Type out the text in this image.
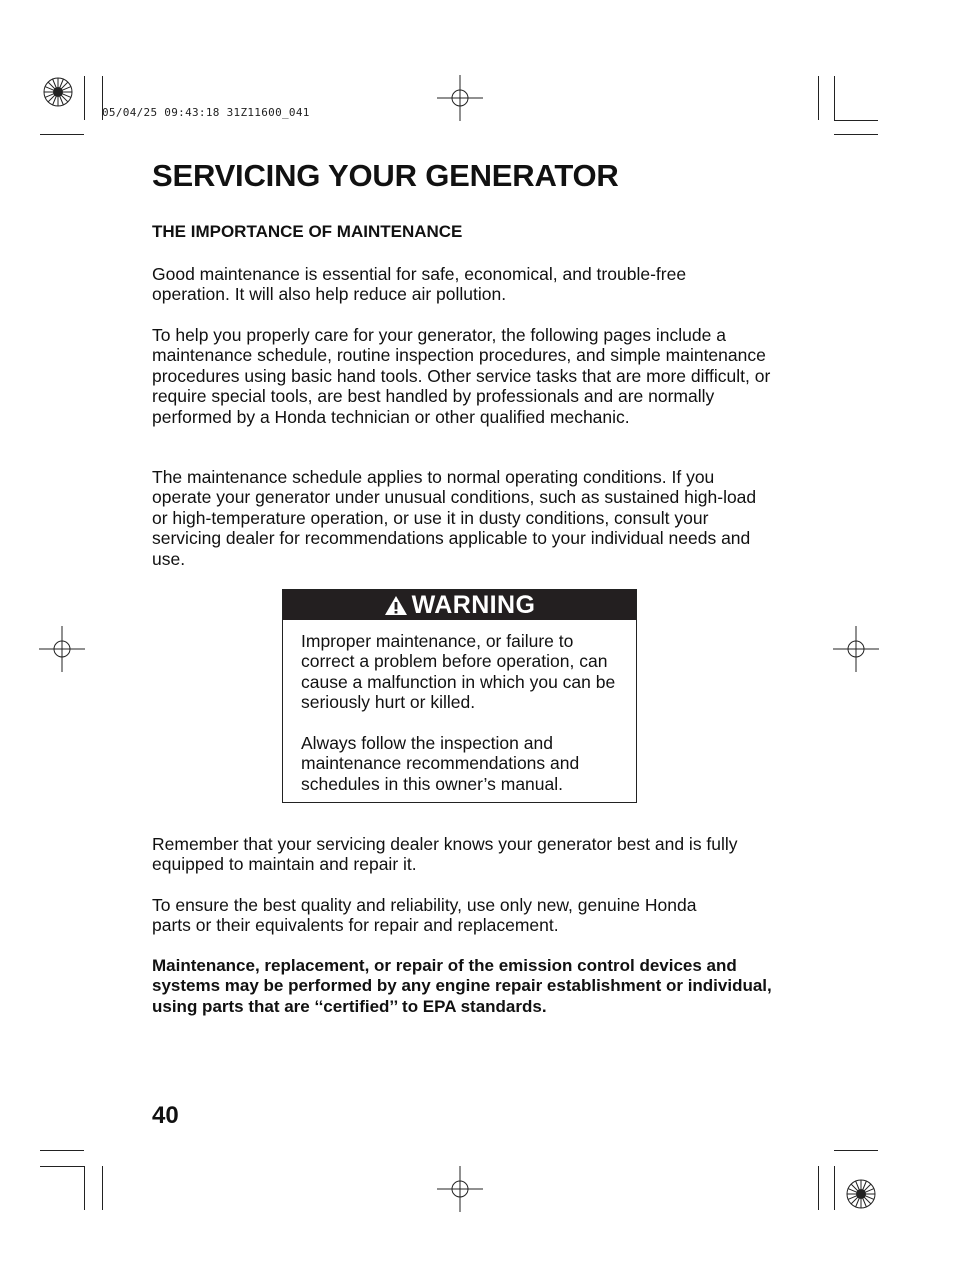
05/04/25 09:43:18 31Z11600_041
SERVICING YOUR GENERATOR
THE IMPORTANCE OF MAINTENANCE

Good maintenance is essential for safe, economical, and trouble-free operation. It will also help reduce air pollution.

To help you properly care for your generator, the following pages include a maintenance schedule, routine inspection procedures, and simple maintenance procedures using basic hand tools. Other service tasks that are more difficult, or require special tools, are best handled by professionals and are normally performed by a Honda technician or other qualified mechanic.

The maintenance schedule applies to normal operating conditions. If you operate your generator under unusual conditions, such as sustained high-load or high-temperature operation, or use it in dusty conditions, consult your servicing dealer for recommendations applicable to your individual needs and use.

WARNING

Improper maintenance, or failure to correct a problem before operation, can cause a malfunction in which you can be seriously hurt or killed.

Always follow the inspection and maintenance recommendations and schedules in this owner’s manual.

Remember that your servicing dealer knows your generator best and is fully equipped to maintain and repair it.

To ensure the best quality and reliability, use only new, genuine Honda parts or their equivalents for repair and replacement.

Maintenance, replacement, or repair of the emission control devices and systems may be performed by any engine repair establishment or individual, using parts that are ‘‘certified’’ to EPA standards.

40
